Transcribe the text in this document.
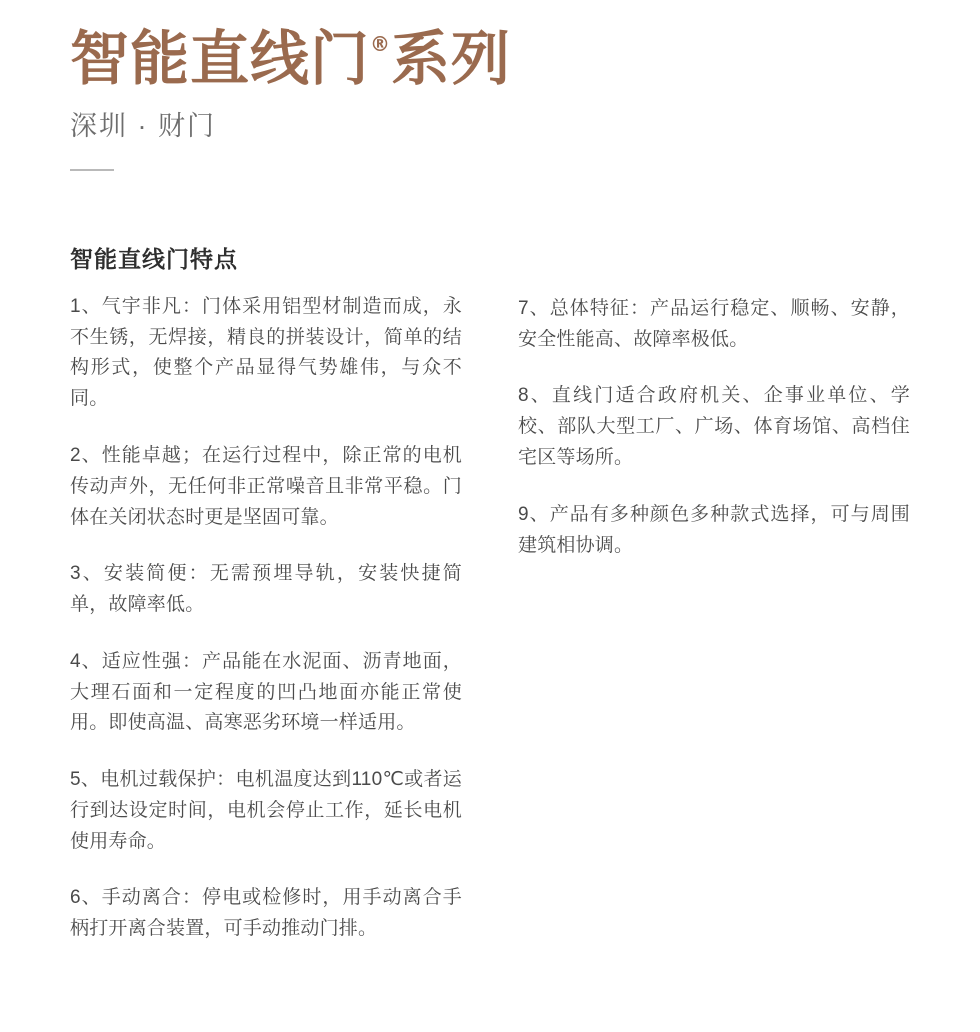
智能直线门 ® 系列
深圳 · 财门
智能直线门特点

1、气宇非凡：门体采用铝型材制造而成，永不生锈，无焊接，精良的拼装设计，简单的结构形式，使整个产品显得气势雄伟，与众不同。

2、性能卓越；在运行过程中，除正常的电机传动声外，无任何非正常噪音且非常平稳。门体在关闭状态时更是坚固可靠。

3、安装简便：无需预埋导轨，安装快捷简单，故障率低。

4、适应性强：产品能在水泥面、沥青地面，大理石面和一定程度的凹凸地面亦能正常使用。即使高温、高寒恶劣环境一样适用。

5、电机过载保护：电机温度达到110℃或者运行到达设定时间，电机会停止工作，延长电机使用寿命。

6、手动离合：停电或检修时，用手动离合手柄打开离合装置，可手动推动门排。

7、总体特征：产品运行稳定、顺畅、安静，安全性能高、故障率极低。

8、直线门适合政府机关、企事业单位、学校、部队大型工厂、广场、体育场馆、高档住宅区等场所。

9、产品有多种颜色多种款式选择，可与周围建筑相协调。
